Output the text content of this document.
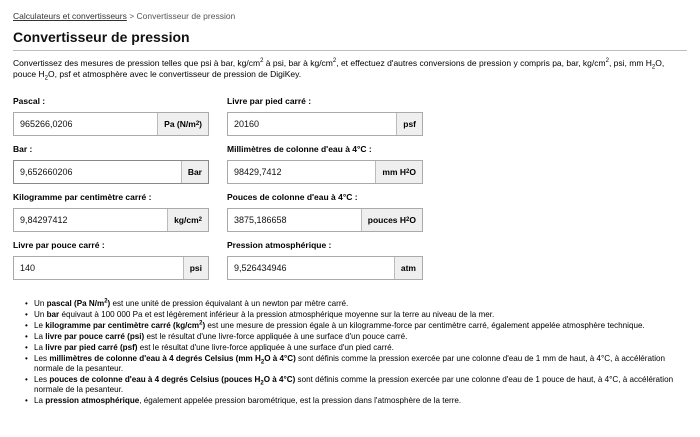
Calculateurs et convertisseurs > Convertisseur de pression
Convertisseur de pression
Convertissez des mesures de pression telles que psi à bar, $kg/cm^2$ à psi, bar à $kg/cm^2$, et effectuez d'autres conversions de pression y compris pa, bar, $kg/cm^2$, psi, mm $H_2O$, pouce $H_2O$, psf et atmosphère avec le convertisseur de pression de DigiKey.
Pascal :
965266,0206
Pa (N/m 2 )
Bar :
9,652660206
Bar
Kilogramme par centimètre carré :
9,84297412
kg/cm 2
Livre par pouce carré :
140
psi
Livre par pied carré :
20160
psf
Millimètres de colonne d'eau à 4°C :
98429,7412
mm H 2 O
Pouces de colonne d'eau à 4°C :
3875,186658
pouces H 2 O
Pression atmosphérique :
9,526434946
atm
• Un pascal (Pa $N/m^2$) est une unité de pression équivalant à un newton par mètre carré.
• Un bar équivaut à 100 000 Pa et est légèrement inférieur à la pression atmosphérique moyenne sur la terre au niveau de la mer.
• Le kilogramme par centimètre carré $(kg/cm^2)$ est une mesure de pression égale à un kilogramme-force par centimètre carré, également appelée atmosphère technique.
• La livre par pouce carré (psi) est le résultat d'une livre-force appliquée à une surface d'un pouce carré.
• La livre par pied carré (psf) est le résultat d'une livre-force appliquée à une surface d'un pied carré.
• Les millimètres de colonne d'eau à 4 degrés Celsius (mm $H_2O$ à 4°C) sont définis comme la pression exercée par une colonne d'eau de 1 mm de haut, à 4°C, à accélération normale de la pesanteur.
• Les pouces de colonne d'eau à 4 degrés Celsius (pouces $H_2O$ à 4°C) sont définis comme la pression exercée par une colonne d'eau de 1 pouce de haut, à 4°C, à accélération normale de la pesanteur.
• La pression atmosphérique, également appelée pression barométrique, est la pression dans l'atmosphère de la terre.
